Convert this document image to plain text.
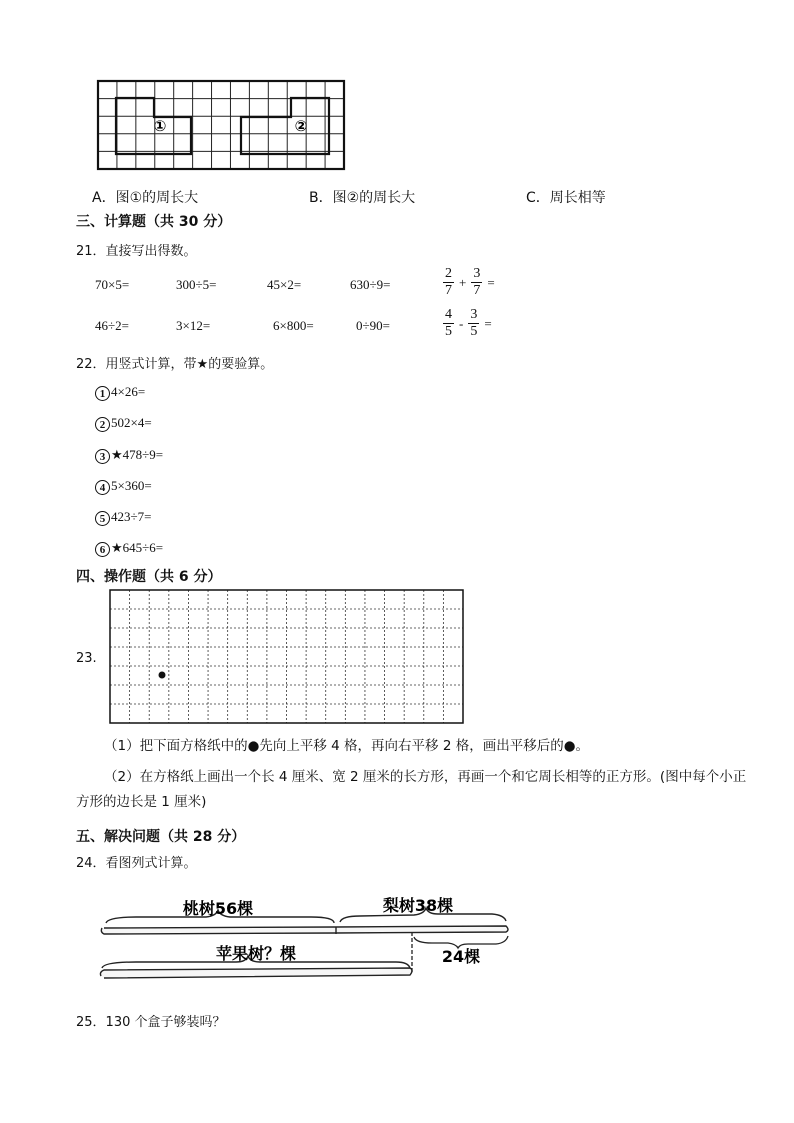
①	②
A．图①的周长大	B．图②的周长大	C．周长相等
三、计算题（共 30 分）
21．直接写出得数。
70×5=	300÷5=	45×2=	630÷9=	$\frac{2}{7} + \frac{3}{7}$ =
46÷2=	3×12=	6×800=	0÷90=	$\frac{4}{5} - \frac{3}{5}$ =
22．用竖式计算，带★的要验算。
1 4×26=
2 502×4=
3 ★478÷9=
4 5×360=
5 423÷7=
6 ★645÷6=
四、操作题（共 6 分）
23.
（1）把下面方格纸中的●先向上平移 4 格，再向右平移 2 格，画出平移后的●。
（2）在方格纸上画出一个长 4 厘米、宽 2 厘米的长方形，再画一个和它周长相等的正方形。(图中每个小正方形的边长是 1 厘米)
五、解决问题（共 28 分）
24．看图列式计算。
桃树56棵	梨树38棵
苹果树？棵	24棵
25．130 个盒子够装吗？
